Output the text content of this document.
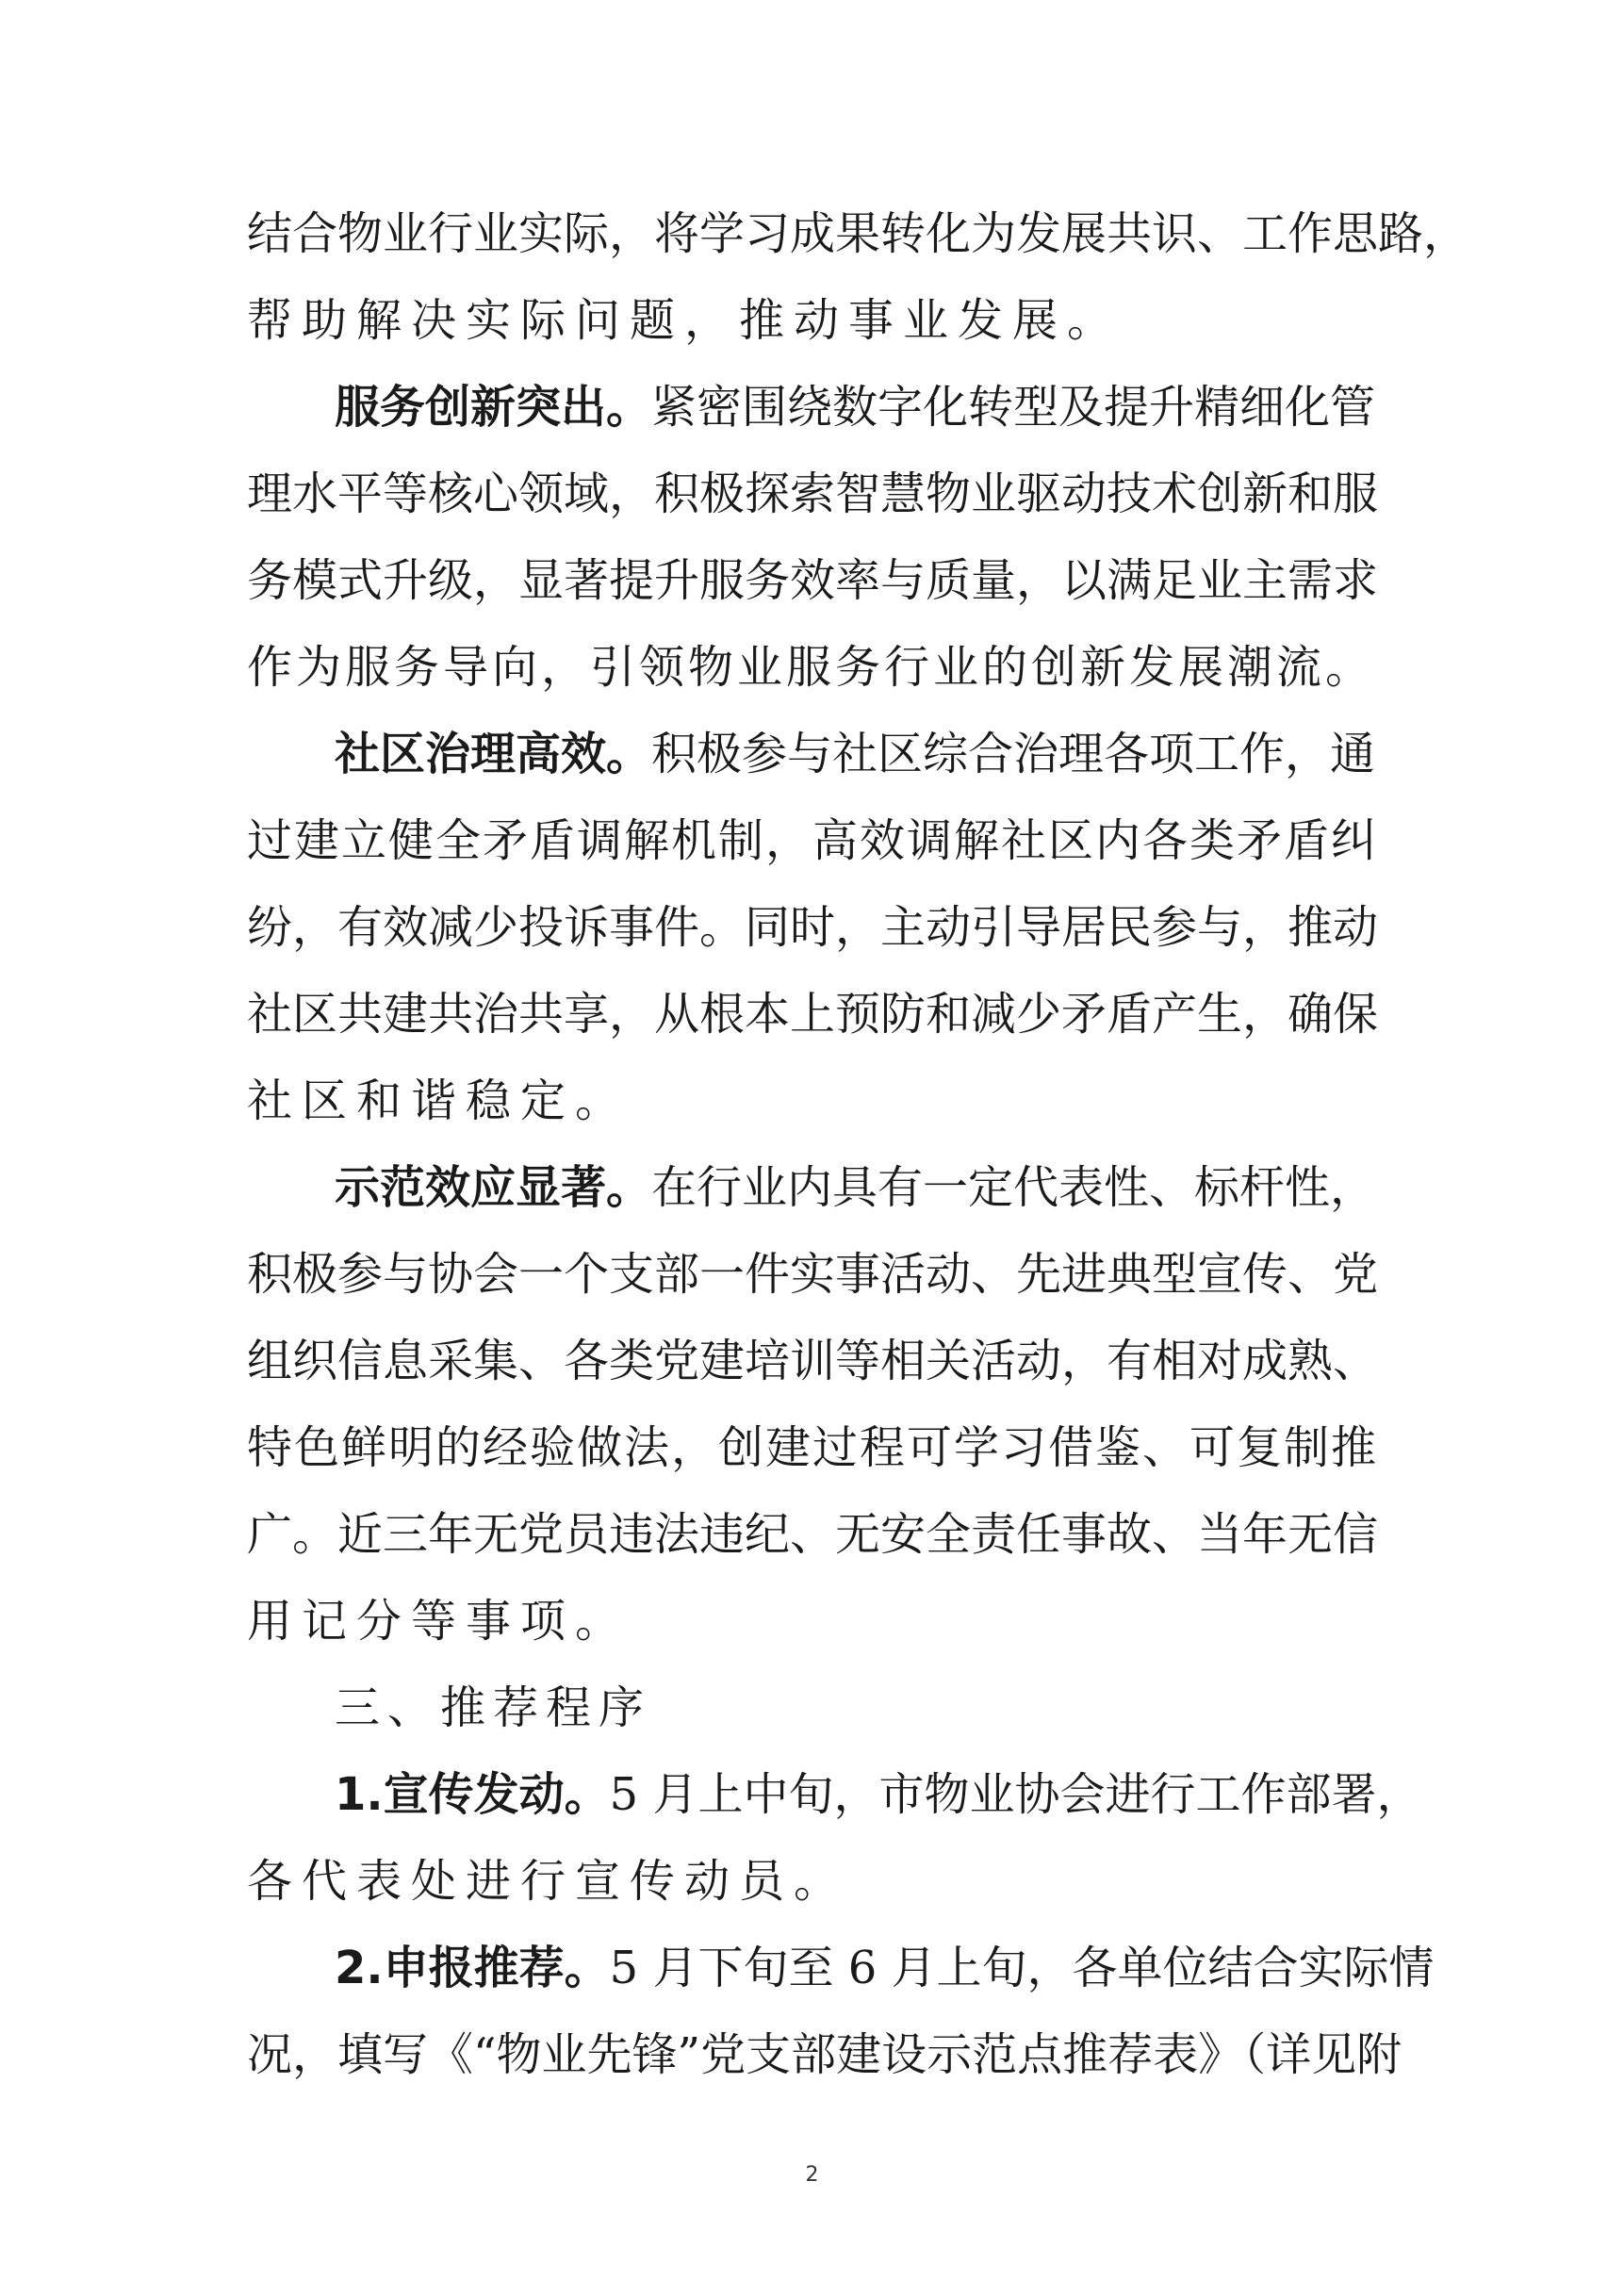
结合物业行业实际，将学习成果转化为发展共识、工作思路，
帮助解决实际问题，推动事业发展。
服务创新突出。紧密围绕数字化转型及提升精细化管
理水平等核心领域，积极探索智慧物业驱动技术创新和服
务模式升级，显著提升服务效率与质量，以满足业主需求
作为服务导向，引领物业服务行业的创新发展潮流。
社区治理高效。积极参与社区综合治理各项工作，通
过建立健全矛盾调解机制，高效调解社区内各类矛盾纠
纷，有效减少投诉事件。同时，主动引导居民参与，推动
社区共建共治共享，从根本上预防和减少矛盾产生，确保
社区和谐稳定。
示范效应显著。在行业内具有一定代表性、标杆性，
积极参与协会一个支部一件实事活动、先进典型宣传、党
组织信息采集、各类党建培训等相关活动，有相对成熟、
特色鲜明的经验做法，创建过程可学习借鉴、可复制推
广。近三年无党员违法违纪、无安全责任事故、当年无信
用记分等事项。
三、推荐程序
1.宣传发动。5 月上中旬，市物业协会进行工作部署，
各代表处进行宣传动员。
2.申报推荐。5 月下旬至 6 月上旬，各单位结合实际情
况，填写《“物业先锋”党支部建设示范点推荐表》（详见附
2
